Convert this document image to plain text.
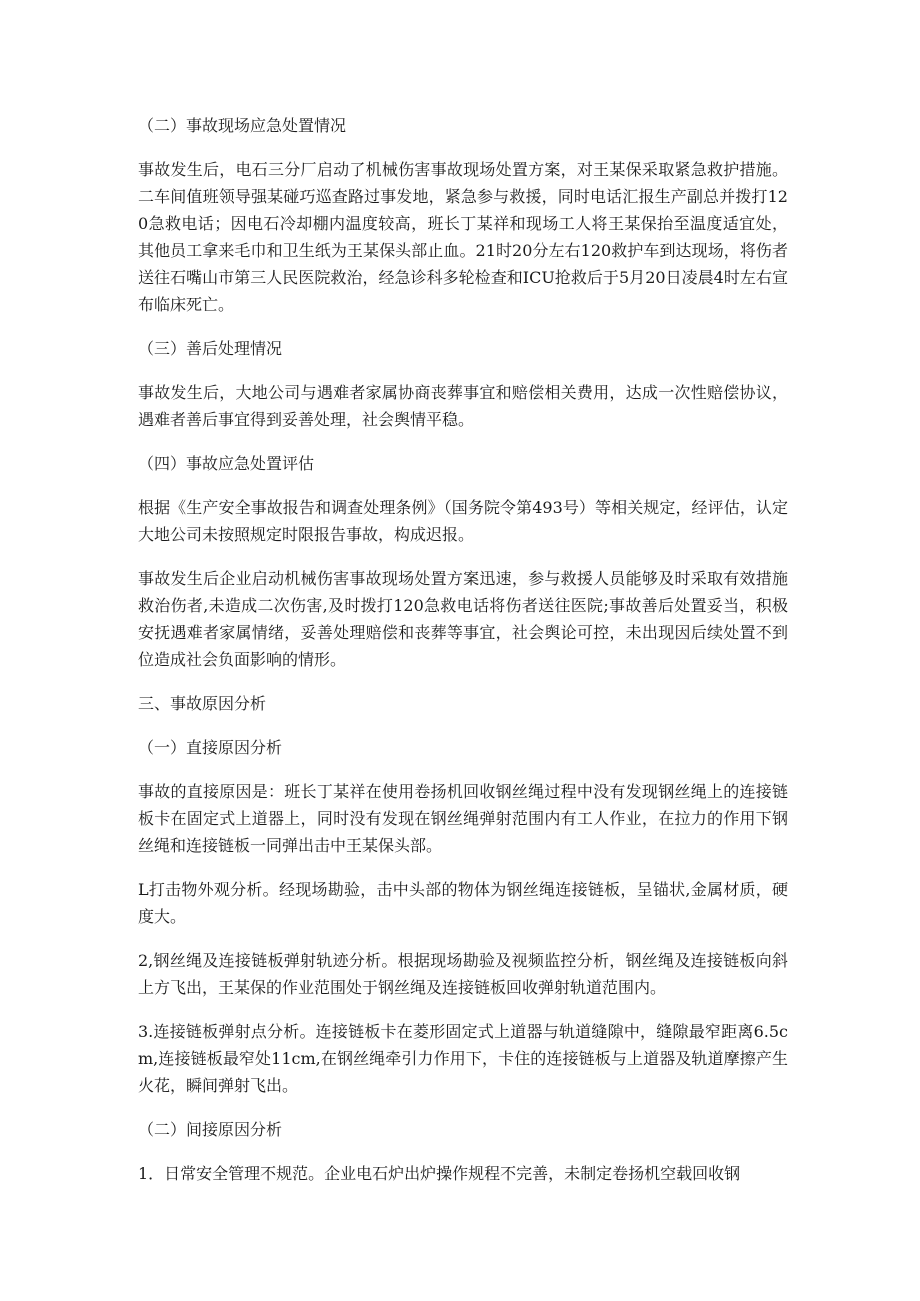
（二）事故现场应急处置情况

事故发生后，电石三分厂启动了机械伤害事故现场处置方案，对王某保采取紧急救护措施。二车间值班领导强某碰巧巡查路过事发地，紧急参与救援，同时电话汇报生产副总并拨打120急救电话；因电石冷却棚内温度较高，班长丁某祥和现场工人将王某保抬至温度适宜处，其他员工拿来毛巾和卫生纸为王某保头部止血。21时20分左右120救护车到达现场，将伤者送往石嘴山市第三人民医院救治，经急诊科多轮检查和ICU抢救后于5月20日凌晨4时左右宣布临床死亡。

（三）善后处理情况

事故发生后，大地公司与遇难者家属协商丧葬事宜和赔偿相关费用，达成一次性赔偿协议，遇难者善后事宜得到妥善处理，社会舆情平稳。

（四）事故应急处置评估

根据《生产安全事故报告和调查处理条例》（国务院令第493号）等相关规定，经评估，认定大地公司未按照规定时限报告事故，构成迟报。

事故发生后企业启动机械伤害事故现场处置方案迅速，参与救援人员能够及时采取有效措施救治伤者,未造成二次伤害,及时拨打120急救电话将伤者送往医院;事故善后处置妥当，积极安抚遇难者家属情绪，妥善处理赔偿和丧葬等事宜，社会舆论可控，未出现因后续处置不到位造成社会负面影响的情形。

三、事故原因分析

（一）直接原因分析

事故的直接原因是：班长丁某祥在使用卷扬机回收钢丝绳过程中没有发现钢丝绳上的连接链板卡在固定式上道器上，同时没有发现在钢丝绳弹射范围内有工人作业，在拉力的作用下钢丝绳和连接链板一同弹出击中王某保头部。

L打击物外观分析。经现场勘验，击中头部的物体为钢丝绳连接链板，呈锚状,金属材质，硬度大。

2,钢丝绳及连接链板弹射轨迹分析。根据现场勘验及视频监控分析，钢丝绳及连接链板向斜上方飞出，王某保的作业范围处于钢丝绳及连接链板回收弹射轨道范围内。

3.连接链板弹射点分析。连接链板卡在菱形固定式上道器与轨道缝隙中，缝隙最窄距离6.5cm,连接链板最窄处11cm,在钢丝绳牵引力作用下，卡住的连接链板与上道器及轨道摩擦产生火花，瞬间弹射飞出。

（二）间接原因分析

1．日常安全管理不规范。企业电石炉出炉操作规程不完善，未制定卷扬机空载回收钢
